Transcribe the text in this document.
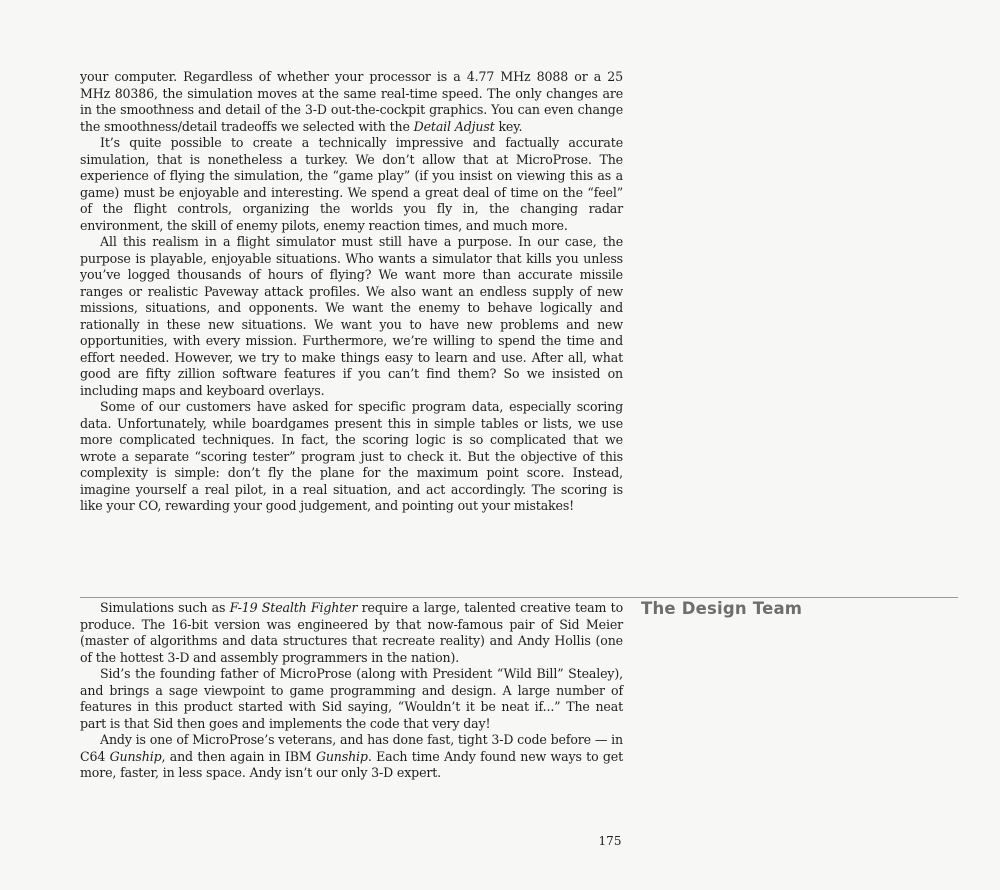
your computer. Regardless of whether your processor is a 4.77 MHz 8088 or a 25 MHz 80386, the simulation moves at the same real-time speed. The only changes are in the smoothness and detail of the 3-D out-the-cockpit graphics. You can even change the smoothness/detail tradeoffs we selected with the Detail Adjust key.

It’s quite possible to create a technically impressive and factually accurate simulation, that is nonetheless a turkey. We don’t allow that at MicroProse. The experience of flying the simulation, the “game play” (if you insist on viewing this as a game) must be enjoyable and interesting. We spend a great deal of time on the “feel” of the flight controls, organizing the worlds you fly in, the changing radar environment, the skill of enemy pilots, enemy reaction times, and much more.

All this realism in a flight simulator must still have a purpose. In our case, the purpose is playable, enjoyable situations. Who wants a simulator that kills you unless you’ve logged thousands of hours of flying? We want more than accurate missile ranges or realistic Paveway attack profiles. We also want an endless supply of new missions, situations, and opponents. We want the enemy to behave logically and rationally in these new situations. We want you to have new problems and new opportunities, with every mission. Furthermore, we’re willing to spend the time and effort needed. However, we try to make things easy to learn and use. After all, what good are fifty zillion software features if you can’t find them? So we insisted on including maps and keyboard overlays.

Some of our customers have asked for specific program data, especially scoring data. Unfortunately, while boardgames present this in simple tables or lists, we use more complicated techniques. In fact, the scoring logic is so complicated that we wrote a separate “scoring tester” program just to check it. But the objective of this complexity is simple: don’t fly the plane for the maximum point score. Instead, imagine yourself a real pilot, in a real situation, and act accordingly. The scoring is like your CO, rewarding your good judgement, and pointing out your mistakes!

The Design Team

Simulations such as F-19 Stealth Fighter require a large, talented creative team to produce. The 16-bit version was engineered by that now-famous pair of Sid Meier (master of algorithms and data structures that recreate reality) and Andy Hollis (one of the hottest 3-D and assembly programmers in the nation).

Sid’s the founding father of MicroProse (along with President “Wild Bill” Stealey), and brings a sage viewpoint to game programming and design. A large number of features in this product started with Sid saying, “Wouldn’t it be neat if...” The neat part is that Sid then goes and implements the code that very day!

Andy is one of MicroProse’s veterans, and has done fast, tight 3-D code before — in C64 Gunship, and then again in IBM Gunship. Each time Andy found new ways to get more, faster, in less space. Andy isn’t our only 3-D expert.

175
